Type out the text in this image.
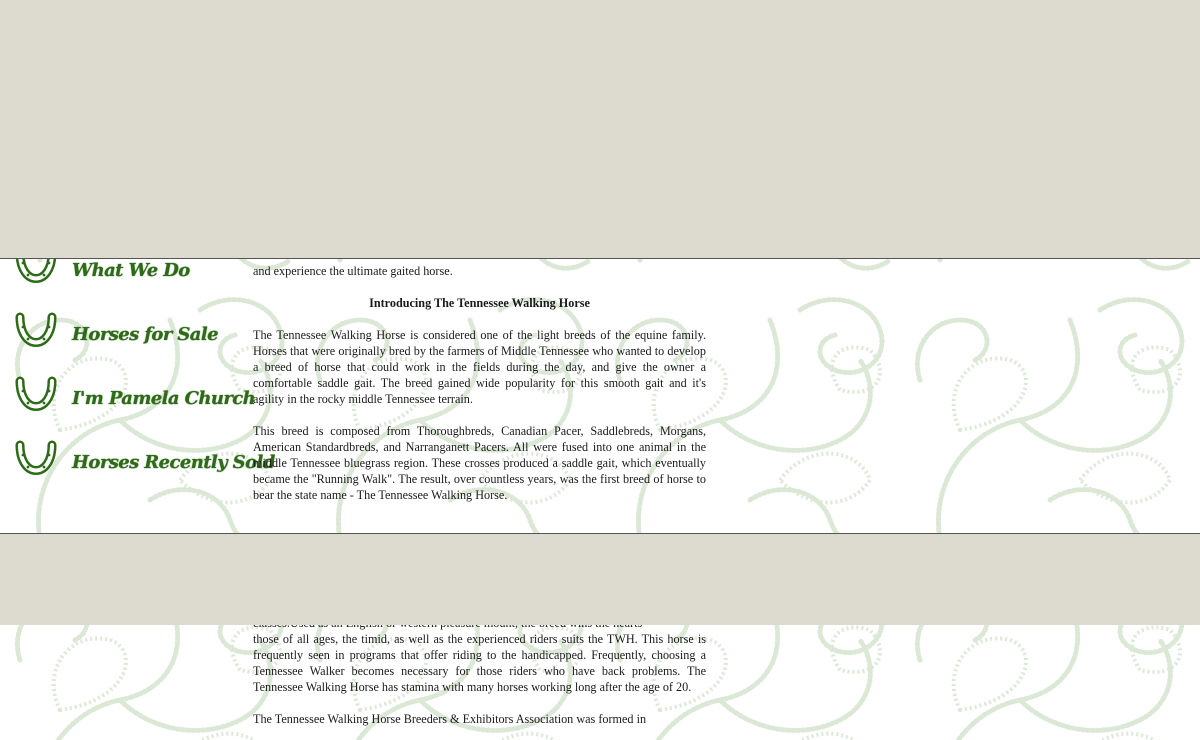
What We Do
Horses for Sale
I'm Pamela Church
Horses Recently Sold

and experience the ultimate gaited horse.

Introducing The Tennessee Walking Horse

The Tennessee Walking Horse is considered one of the light breeds of the equine family. Horses that were originally bred by the farmers of Middle Tennessee who wanted to develop a breed of horse that could work in the fields during the day, and give the owner a comfortable saddle gait. The breed gained wide popularity for this smooth gait and it's agility in the rocky middle Tennessee terrain.

This breed is composed from Thoroughbreds, Canadian Pacer, Saddlebreds, Morgans, American Standardbreds, and Narranganett Pacers. All were fused into one animal in the middle Tennessee bluegrass region. These crosses produced a saddle gait, which eventually became the "Running Walk". The result, over countless years, was the first breed of horse to bear the state name - The Tennessee Walking Horse.

those of all ages, the timid, as well as the experienced riders suits the TWH. This horse is frequently seen in programs that offer riding to the handicapped. Frequently, choosing a Tennessee Walker becomes necessary for those riders who have back problems. The Tennessee Walking Horse has stamina with many horses working long after the age of 20.

The Tennessee Walking Horse Breeders & Exhibitors Association was formed in
